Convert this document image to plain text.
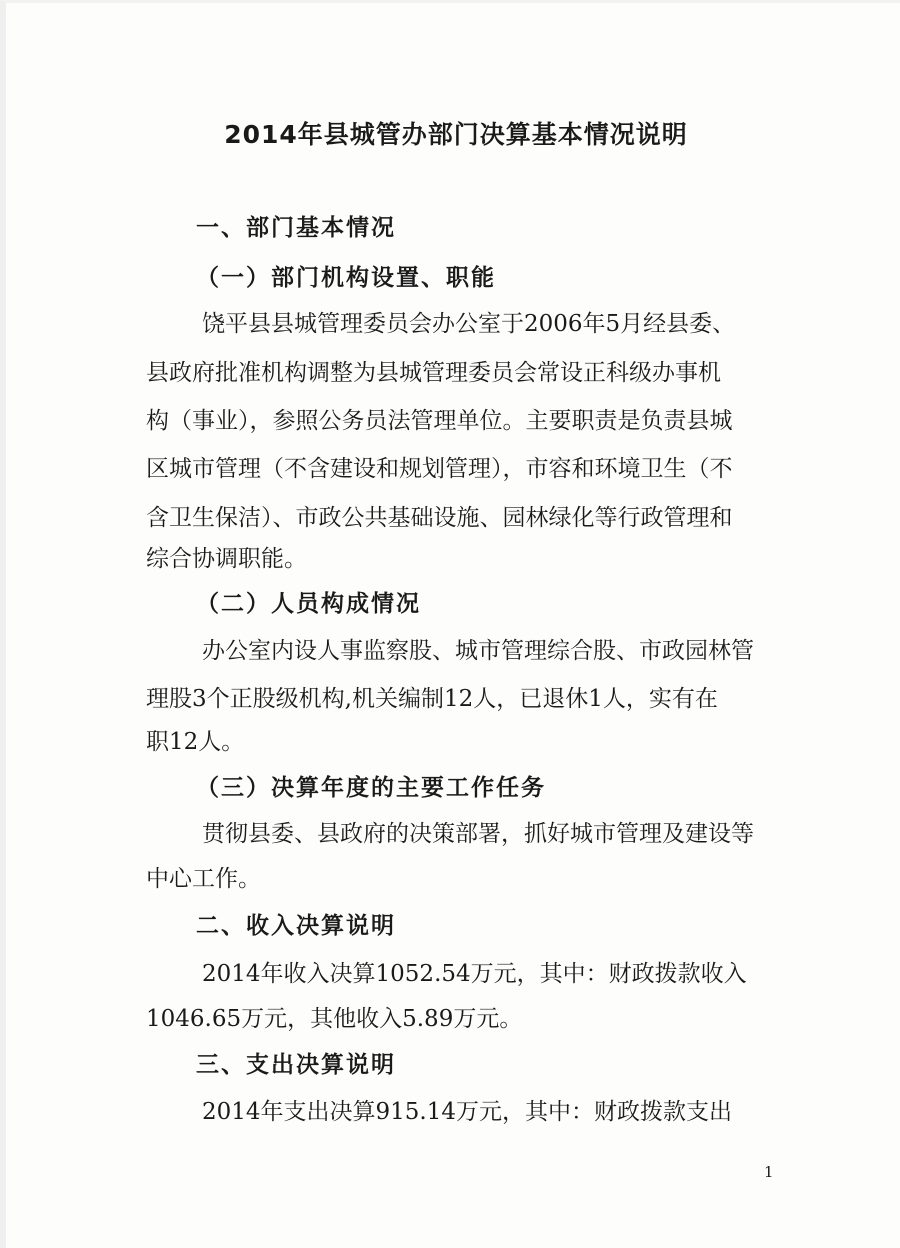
2014年县城管办部门决算基本情况说明
一、部门基本情况
（一）部门机构设置、职能
饶平县县城管理委员会办公室于2006年5月经县委、
县政府批准机构调整为县城管理委员会常设正科级办事机
构（事业），参照公务员法管理单位。主要职责是负责县城
区城市管理（不含建设和规划管理），市容和环境卫生（不
含卫生保洁）、市政公共基础设施、园林绿化等行政管理和
综合协调职能。
（二）人员构成情况
办公室内设人事监察股、城市管理综合股、市政园林管
理股3个正股级机构,机关编制12人，已退休1人，实有在
职12人。
（三）决算年度的主要工作任务
贯彻县委、县政府的决策部署，抓好城市管理及建设等
中心工作。
二、收入决算说明
2014年收入决算1052.54万元，其中：财政拨款收入
1046.65万元，其他收入5.89万元。
三、支出决算说明
2014年支出决算915.14万元，其中：财政拨款支出
1
